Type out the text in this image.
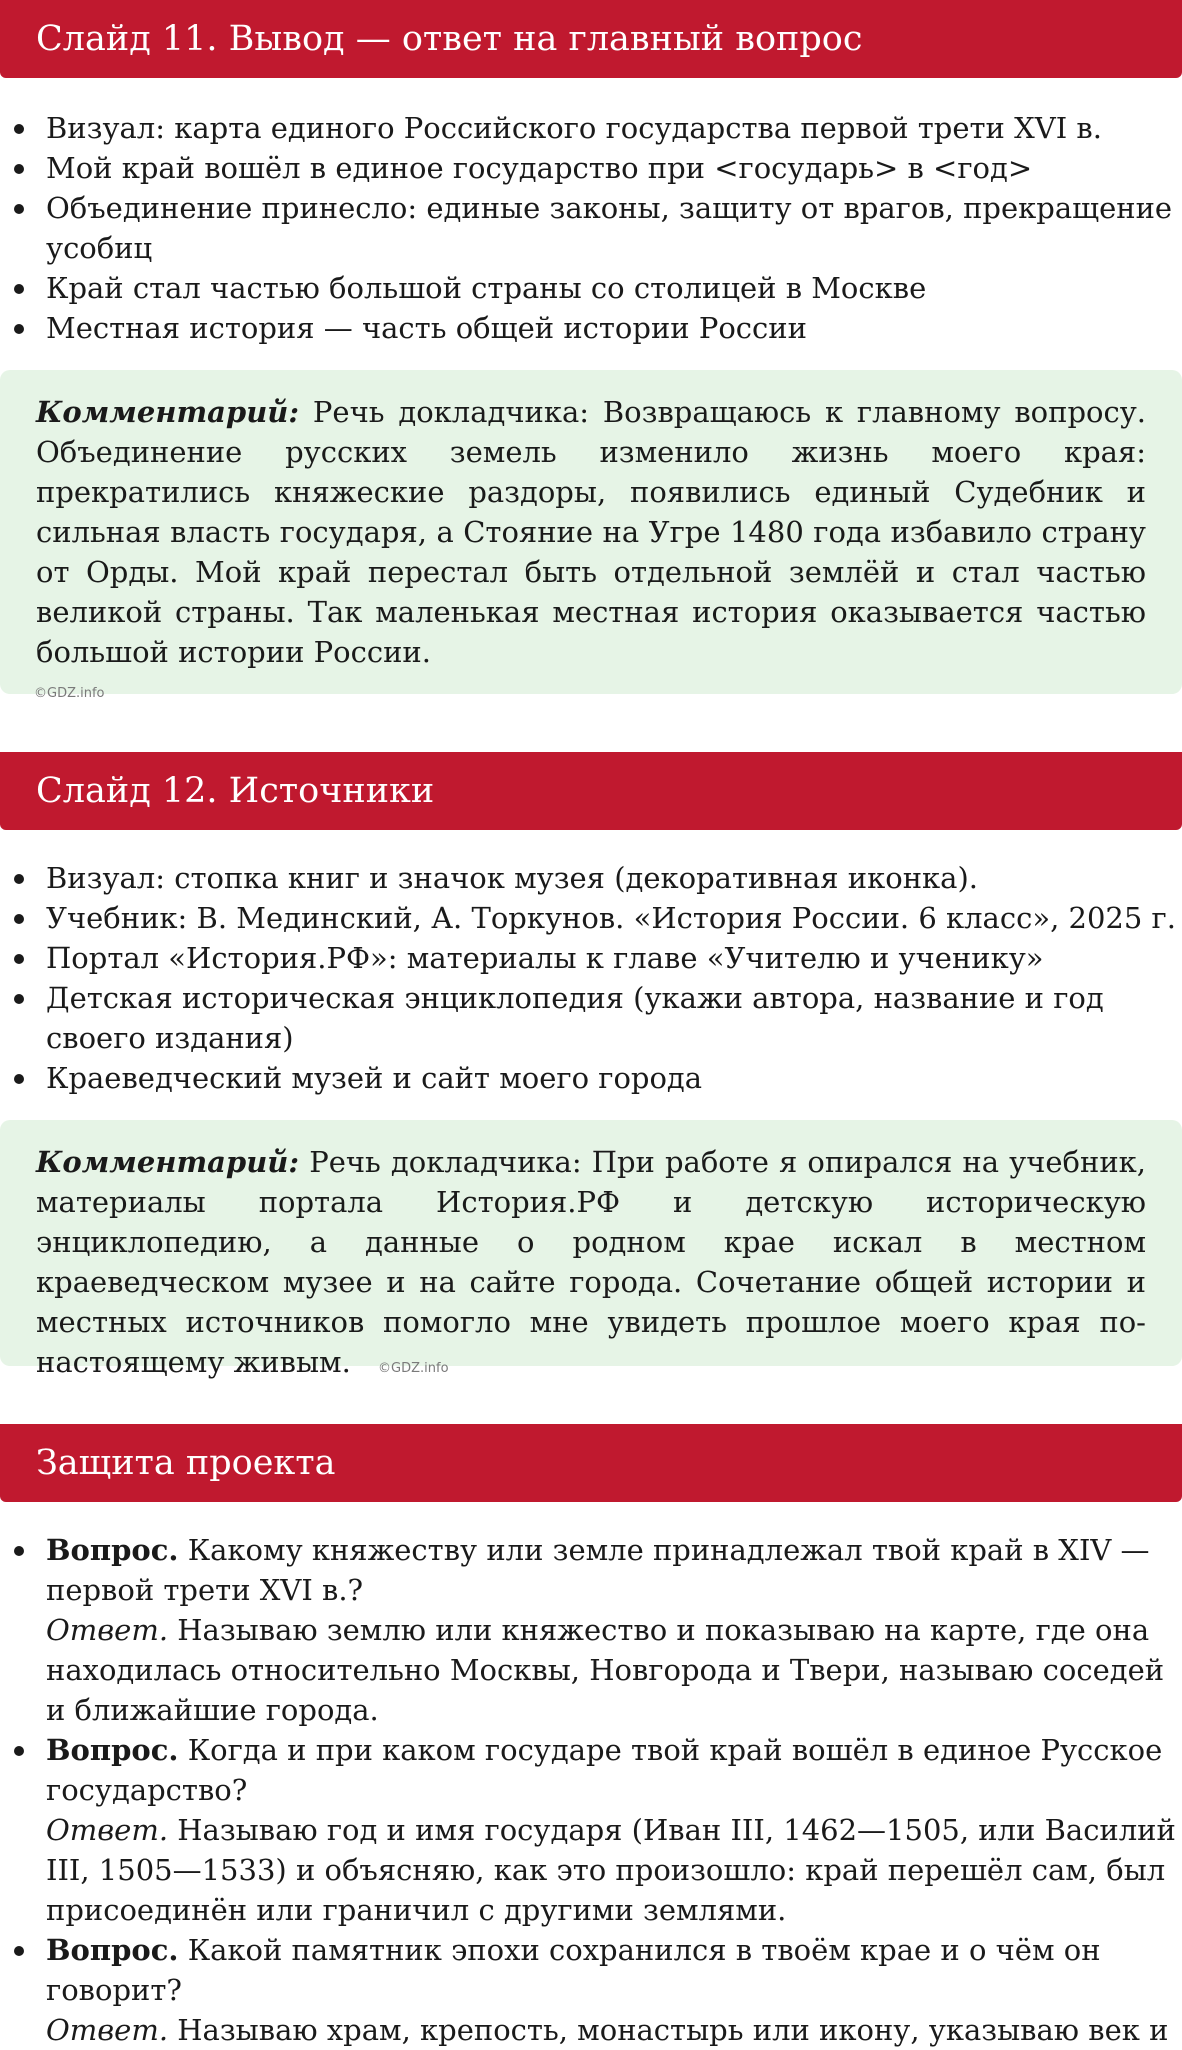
Слайд 11. Вывод — ответ на главный вопрос
Визуал: карта единого Российского государства первой трети XVI в.
Мой край вошёл в единое государство при <государь> в <год>
Объединение принесло: единые законы, защиту от врагов, прекращение усобиц
Край стал частью большой страны со столицей в Москве
Местная история — часть общей истории России
Комментарий: Речь докладчика: Возвращаюсь к главному вопросу. Объединение русских земель изменило жизнь моего края: прекратились княжеские раздоры, появились единый Судебник и сильная власть государя, а Стояние на Угре 1480 года избавило страну от Орды. Мой край перестал быть отдельной землёй и стал частью великой страны. Так маленькая местная история оказывается частью большой истории России.
©GDZ.info
Слайд 12. Источники
Визуал: стопка книг и значок музея (декоративная иконка).
Учебник: В. Мединский, А. Торкунов. «История России. 6 класс», 2025 г.
Портал «История.РФ»: материалы к главе «Учителю и ученику»
Детская историческая энциклопедия (укажи автора, название и год своего издания)
Краеведческий музей и сайт моего города
Комментарий: Речь докладчика: При работе я опирался на учебник, материалы портала История.РФ и детскую историческую энциклопедию, а данные о родном крае искал в местном краеведческом музее и на сайте города. Сочетание общей истории и местных источников помогло мне увидеть прошлое моего края по-настоящему живым. ©GDZ.info
Защита проекта
Вопрос. Какому княжеству или земле принадлежал твой край в XIV — первой трети XVI в.?
Ответ. Называю землю или княжество и показываю на карте, где она находилась относительно Москвы, Новгорода и Твери, называю соседей и ближайшие города.
Вопрос. Когда и при каком государе твой край вошёл в единое Русское государство?
Ответ. Называю год и имя государя (Иван III, 1462—1505, или Василий III, 1505—1533) и объясняю, как это произошло: край перешёл сам, был присоединён или граничил с другими землями.
Вопрос. Какой памятник эпохи сохранился в твоём крае и о чём он говорит?
Ответ. Называю храм, крепость, монастырь или икону, указываю век и
